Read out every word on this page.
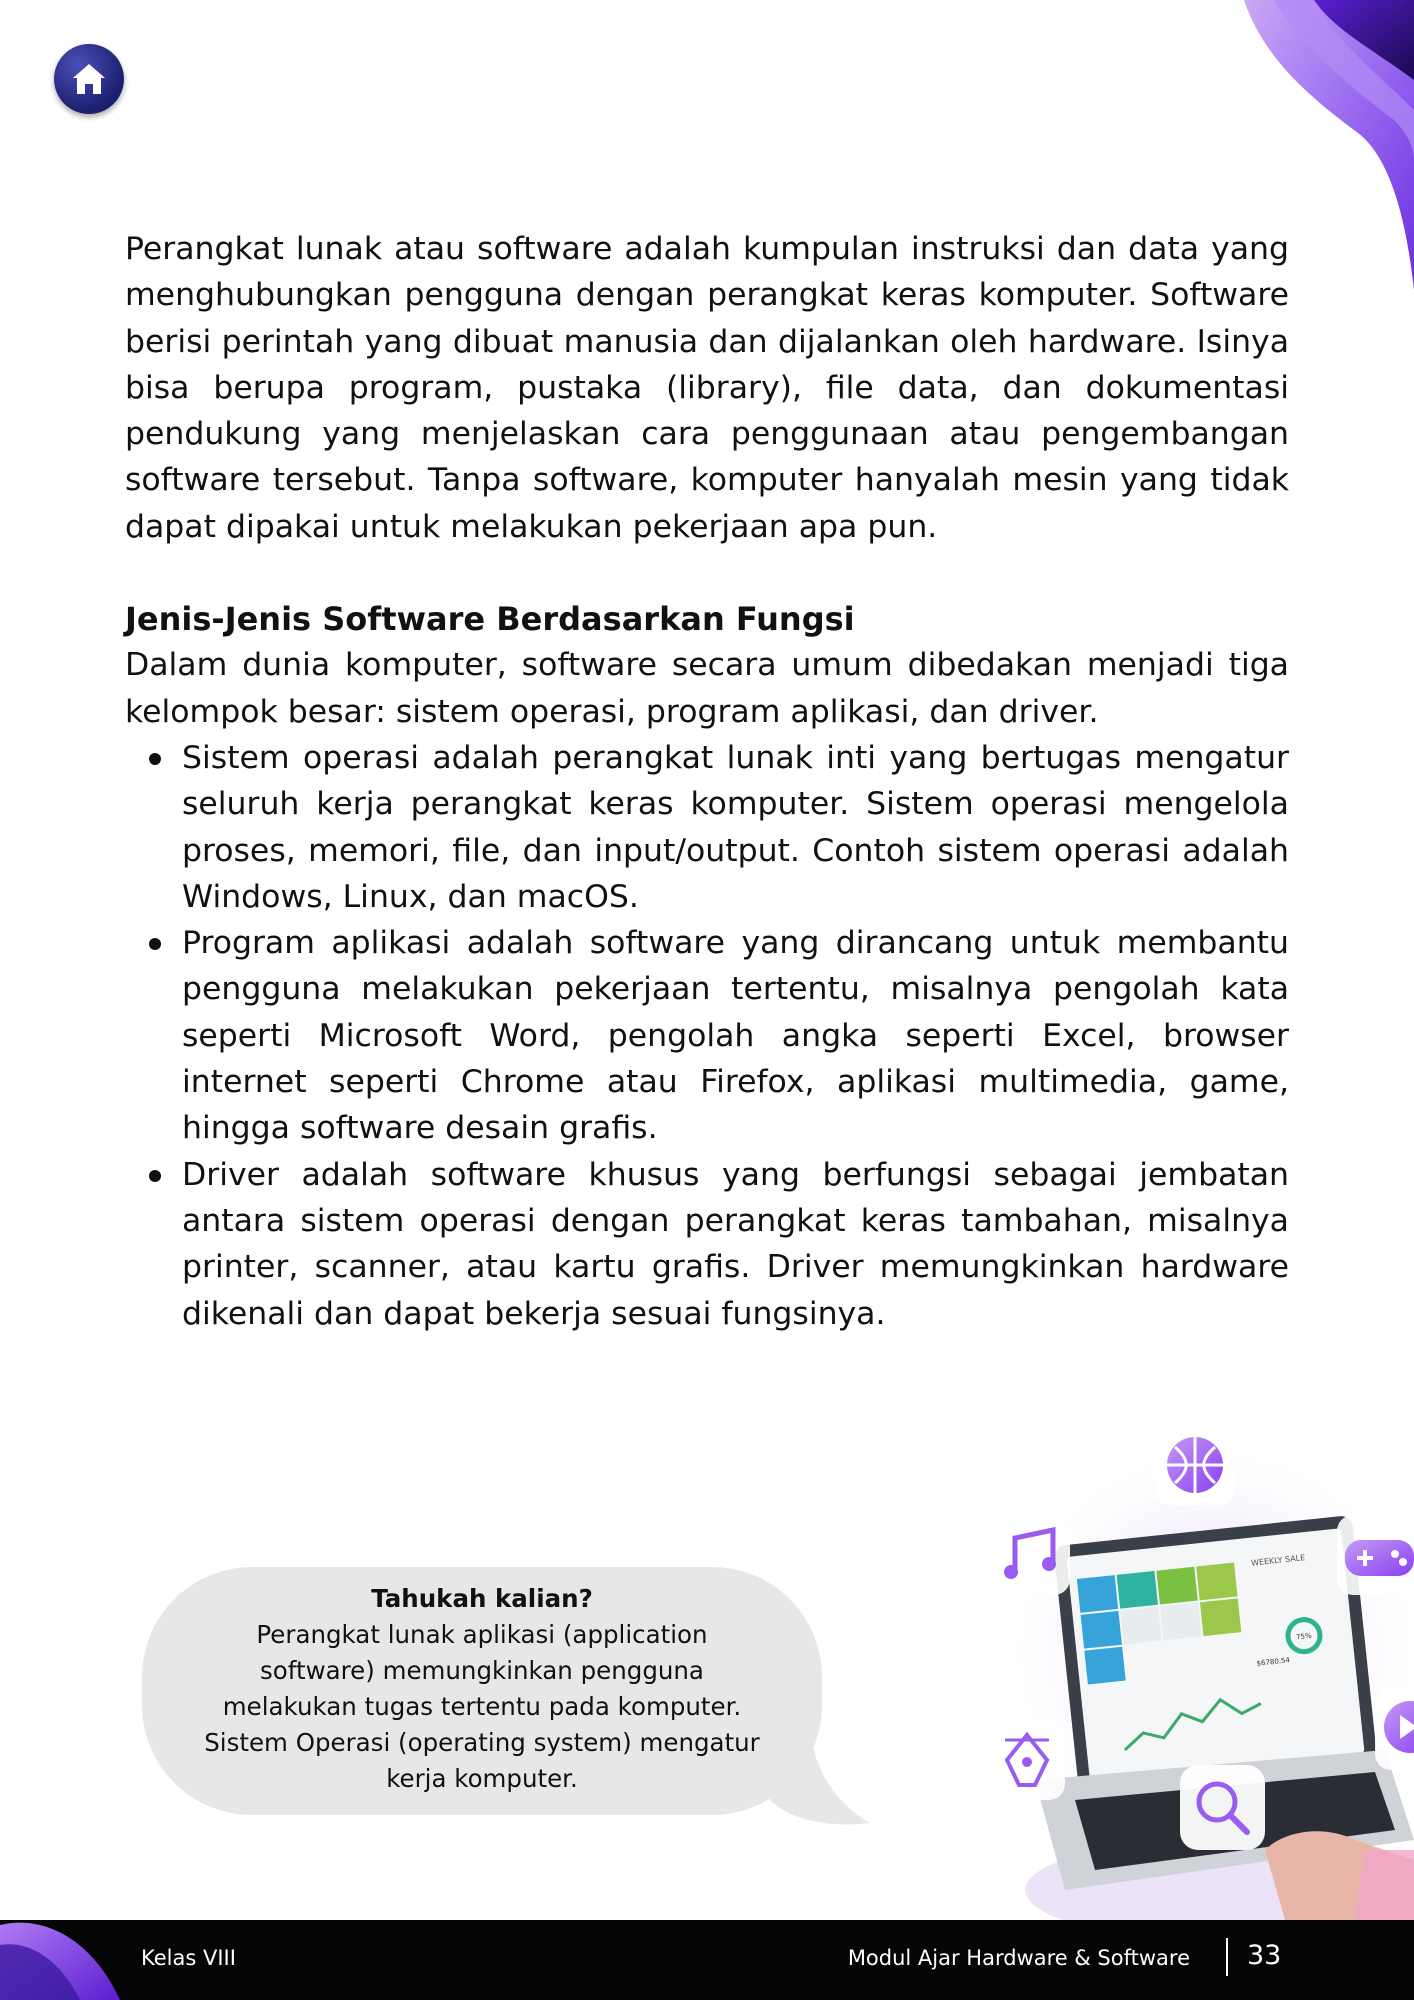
Perangkat lunak atau software adalah kumpulan instruksi dan data yang menghubungkan pengguna dengan perangkat keras komputer. Software berisi perintah yang dibuat manusia dan dijalankan oleh hardware. Isinya bisa berupa program, pustaka (library), file data, dan dokumentasi pendukung yang menjelaskan cara penggunaan atau pengembangan software tersebut. Tanpa software, komputer hanyalah mesin yang tidak dapat dipakai untuk melakukan pekerjaan apa pun.

Jenis-Jenis Software Berdasarkan Fungsi

Dalam dunia komputer, software secara umum dibedakan menjadi tiga kelompok besar: sistem operasi, program aplikasi, dan driver.

Sistem operasi adalah perangkat lunak inti yang bertugas mengatur seluruh kerja perangkat keras komputer. Sistem operasi mengelola proses, memori, file, dan input/output. Contoh sistem operasi adalah Windows, Linux, dan macOS.
Program aplikasi adalah software yang dirancang untuk membantu pengguna melakukan pekerjaan tertentu, misalnya pengolah kata seperti Microsoft Word, pengolah angka seperti Excel, browser internet seperti Chrome atau Firefox, aplikasi multimedia, game, hingga software desain grafis.
Driver adalah software khusus yang berfungsi sebagai jembatan antara sistem operasi dengan perangkat keras tambahan, misalnya printer, scanner, atau kartu grafis. Driver memungkinkan hardware dikenali dan dapat bekerja sesuai fungsinya.
Tahukah kalian?
Perangkat lunak aplikasi (application software) memungkinkan pengguna melakukan tugas tertentu pada komputer. Sistem Operasi (operating system) mengatur kerja komputer.
WEEKLY SALE
75%
$6780.54
Kelas VIII	Modul Ajar Hardware & Software 33
